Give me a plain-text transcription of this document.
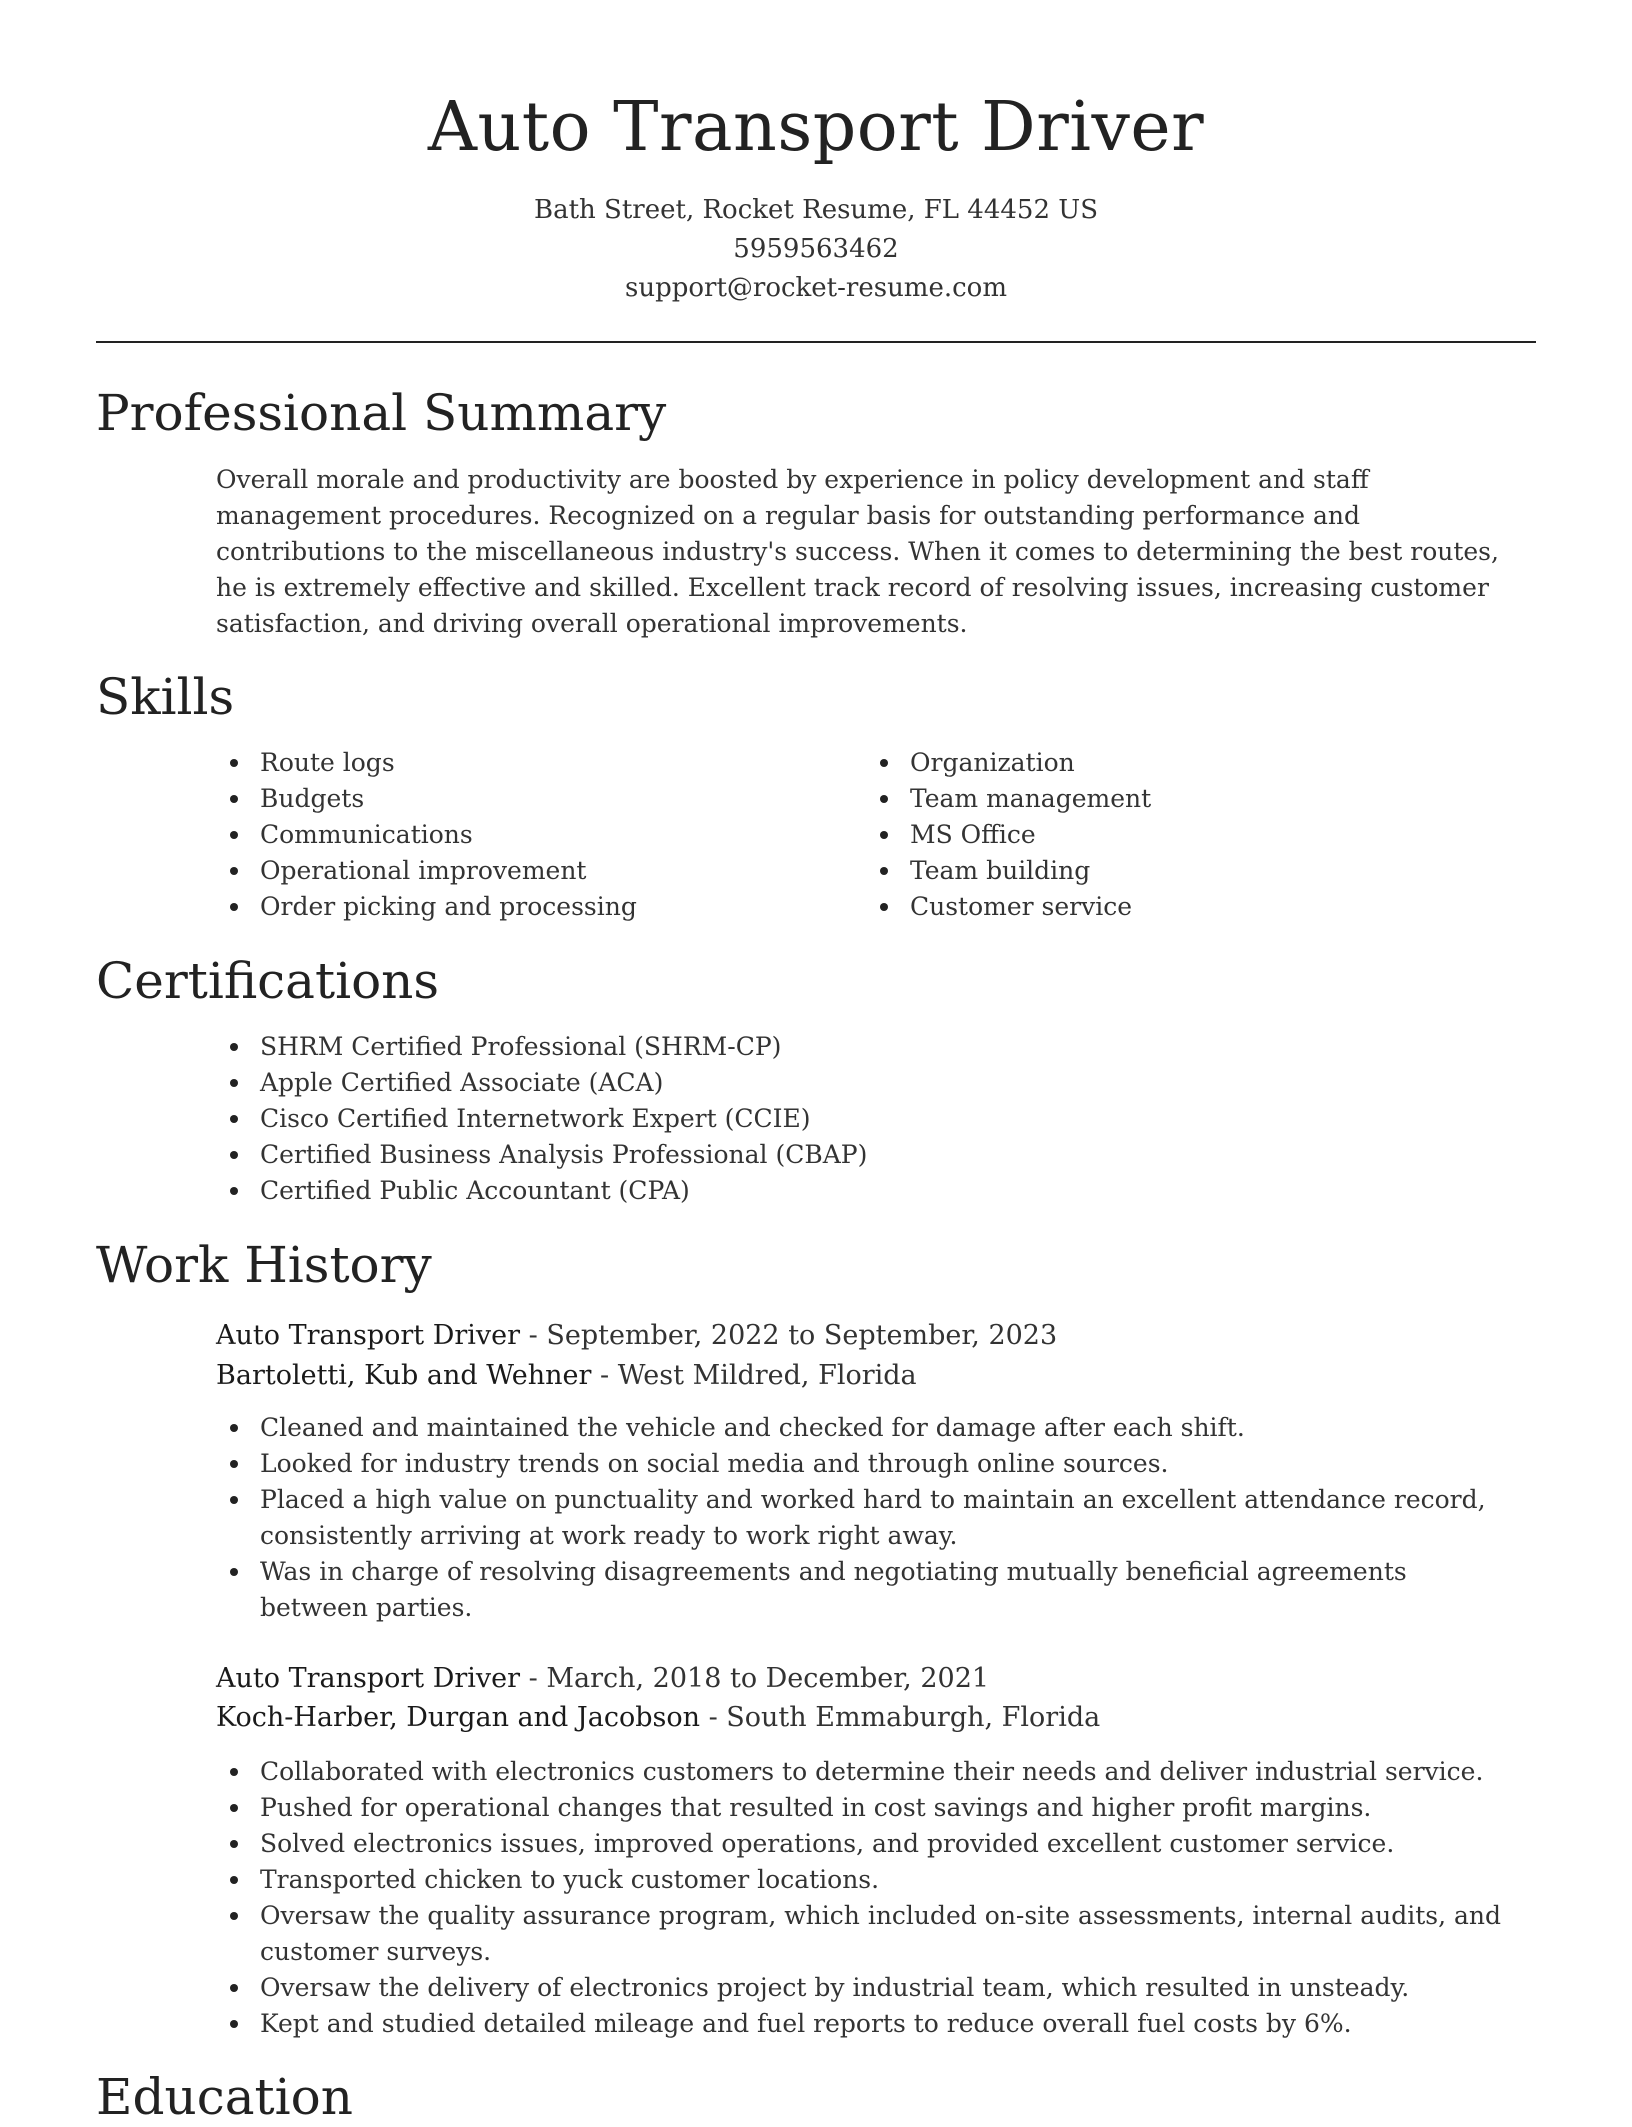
Auto Transport Driver
Bath Street, Rocket Resume, FL 44452 US
5959563462
support@rocket-resume.com
Professional Summary

Overall morale and productivity are boosted by experience in policy development and staff management procedures. Recognized on a regular basis for outstanding performance and contributions to the miscellaneous industry's success. When it comes to determining the best routes, he is extremely effective and skilled. Excellent track record of resolving issues, increasing customer satisfaction, and driving overall operational improvements.

Skills
Route logs
Budgets
Communications
Operational improvement
Order picking and processing
Organization
Team management
MS Office
Team building
Customer service
Certifications
SHRM Certified Professional (SHRM-CP)
Apple Certified Associate (ACA)
Cisco Certified Internetwork Expert (CCIE)
Certified Business Analysis Professional (CBAP)
Certified Public Accountant (CPA)
Work History
Auto Transport Driver - September, 2022 to September, 2023
Bartoletti, Kub and Wehner - West Mildred, Florida
Cleaned and maintained the vehicle and checked for damage after each shift.
Looked for industry trends on social media and through online sources.
Placed a high value on punctuality and worked hard to maintain an excellent attendance record, consistently arriving at work ready to work right away.
Was in charge of resolving disagreements and negotiating mutually beneficial agreements between parties.
Auto Transport Driver - March, 2018 to December, 2021
Koch-Harber, Durgan and Jacobson - South Emmaburgh, Florida
Collaborated with electronics customers to determine their needs and deliver industrial service.
Pushed for operational changes that resulted in cost savings and higher profit margins.
Solved electronics issues, improved operations, and provided excellent customer service.
Transported chicken to yuck customer locations.
Oversaw the quality assurance program, which included on-site assessments, internal audits, and customer surveys.
Oversaw the delivery of electronics project by industrial team, which resulted in unsteady.
Kept and studied detailed mileage and fuel reports to reduce overall fuel costs by 6%.
Education
